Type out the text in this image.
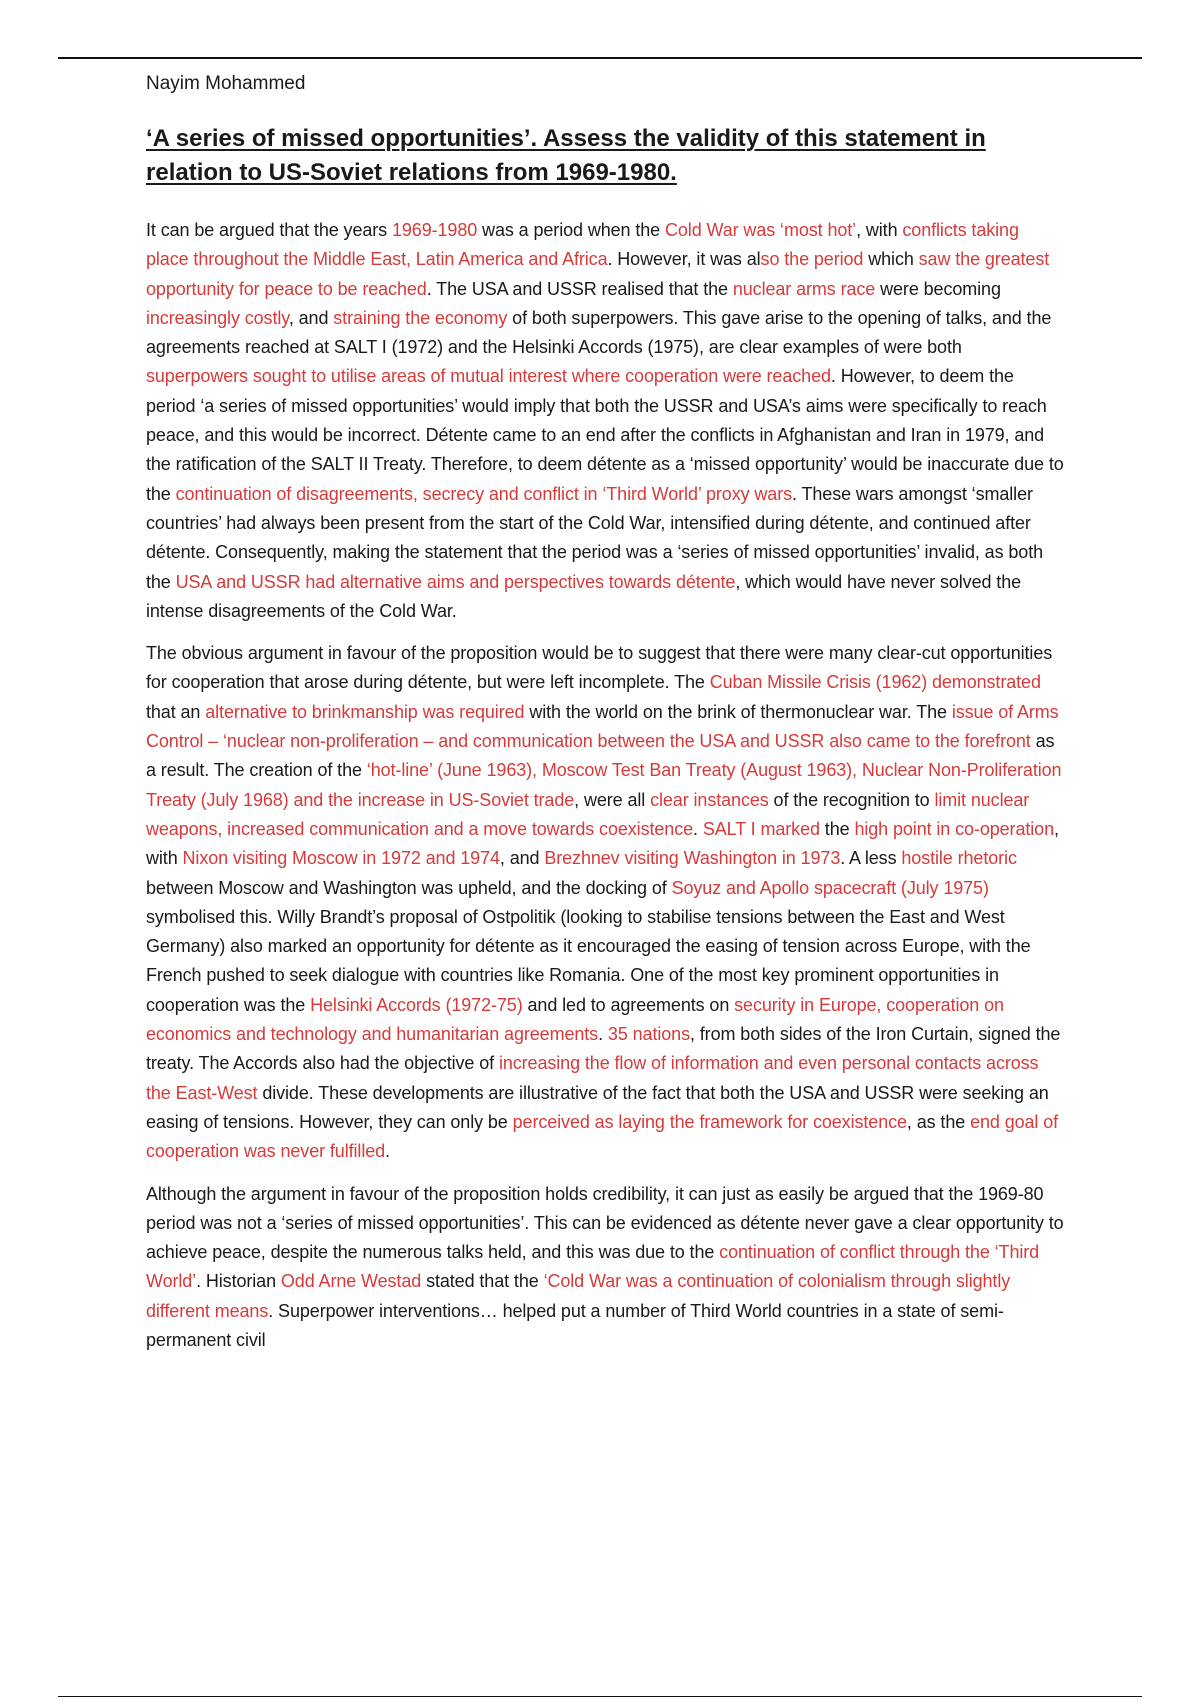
Nayim Mohammed

‘A series of missed opportunities’. Assess the validity of this statement in
relation to US-Soviet relations from 1969-1980.

It can be argued that the years 1969-1980 was a period when the Cold War was ‘most hot’, with conflicts taking place throughout the Middle East, Latin America and Africa. However, it was also the period which saw the greatest opportunity for peace to be reached. The USA and USSR realised that the nuclear arms race were becoming increasingly costly, and straining the economy of both superpowers. This gave arise to the opening of talks, and the agreements reached at SALT I (1972) and the Helsinki Accords (1975), are clear examples of were both superpowers sought to utilise areas of mutual interest where cooperation were reached. However, to deem the period ‘a series of missed opportunities’ would imply that both the USSR and USA’s aims were specifically to reach peace, and this would be incorrect. Détente came to an end after the conflicts in Afghanistan and Iran in 1979, and the ratification of the SALT II Treaty. Therefore, to deem détente as a ‘missed opportunity’ would be inaccurate due to the continuation of disagreements, secrecy and conflict in ‘Third World’ proxy wars. These wars amongst ‘smaller countries’ had always been present from the start of the Cold War, intensified during détente, and continued after détente. Consequently, making the statement that the period was a ‘series of missed opportunities’ invalid, as both the USA and USSR had alternative aims and perspectives towards détente, which would have never solved the intense disagreements of the Cold War.

The obvious argument in favour of the proposition would be to suggest that there were many clear-cut opportunities for cooperation that arose during détente, but were left incomplete. The Cuban Missile Crisis (1962) demonstrated that an alternative to brinkmanship was required with the world on the brink of thermonuclear war. The issue of Arms Control – ‘nuclear non-proliferation – and communication between the USA and USSR also came to the forefront as a result. The creation of the ‘hot-line’ (June 1963), Moscow Test Ban Treaty (August 1963), Nuclear Non-Proliferation Treaty (July 1968) and the increase in US-Soviet trade, were all clear instances of the recognition to limit nuclear weapons, increased communication and a move towards coexistence. SALT I marked the high point in co-operation, with Nixon visiting Moscow in 1972 and 1974, and Brezhnev visiting Washington in 1973. A less hostile rhetoric between Moscow and Washington was upheld, and the docking of Soyuz and Apollo spacecraft (July 1975) symbolised this. Willy Brandt’s proposal of Ostpolitik (looking to stabilise tensions between the East and West Germany) also marked an opportunity for détente as it encouraged the easing of tension across Europe, with the French pushed to seek dialogue with countries like Romania. One of the most key prominent opportunities in cooperation was the Helsinki Accords (1972-75) and led to agreements on security in Europe, cooperation on economics and technology and humanitarian agreements. 35 nations, from both sides of the Iron Curtain, signed the treaty. The Accords also had the objective of increasing the flow of information and even personal contacts across the East-West divide. These developments are illustrative of the fact that both the USA and USSR were seeking an easing of tensions. However, they can only be perceived as laying the framework for coexistence, as the end goal of cooperation was never fulfilled.

Although the argument in favour of the proposition holds credibility, it can just as easily be argued that the 1969-80 period was not a ‘series of missed opportunities’. This can be evidenced as détente never gave a clear opportunity to achieve peace, despite the numerous talks held, and this was due to the continuation of conflict through the ‘Third World’. Historian Odd Arne Westad stated that the ‘Cold War was a continuation of colonialism through slightly different means. Superpower interventions… helped put a number of Third World countries in a state of semi-permanent civil
